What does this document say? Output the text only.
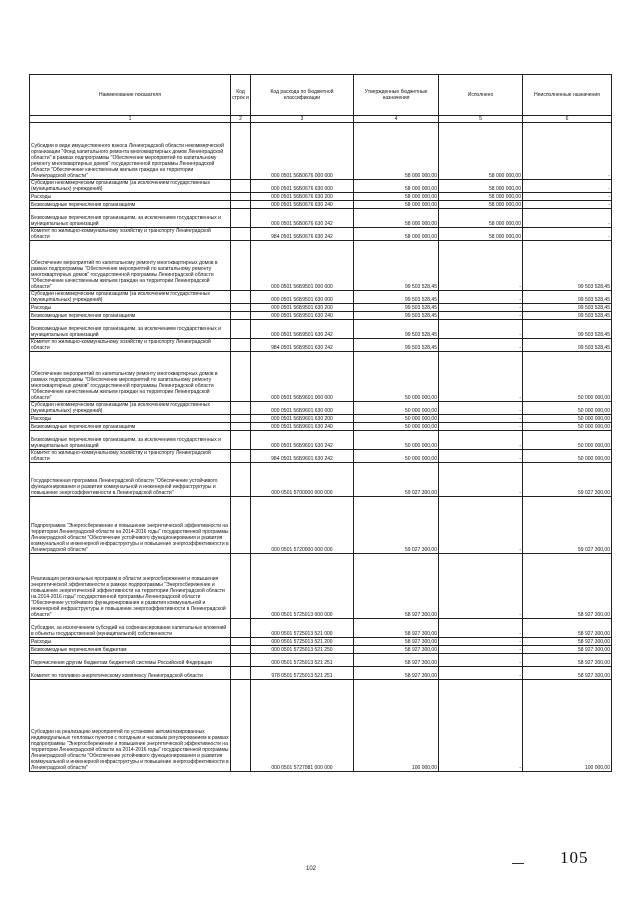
Наименование показателя	Код строк и	Код расхода по бюджетной классификации	Утвержденные бюджетные назначения	Исполнено	Неисполненные назначения
1	2	3	4	5	6
Субсидии в виде имущественного взноса Ленинградской области некоммерческой организации "Фонд капитального ремонта многоквартирных домов Ленинградской области" в рамках подпрограммы "Обеспечение мероприятий по капитальному ремонту многоквартирных домов" государственной программы Ленинградской области "Обеспечение качественным жильем граждан на территории Ленинградской области"		000 0501 56Б0676 000 000	58 000 000,00	58 000 000,00	-
Субсидии некоммерческим организациям (за исключением государственных (муниципальных) учреждений)		000 0501 56Б0676 630 000	58 000 000,00	58 000 000,00	-
Расходы		000 0501 56Б0676 630 200	58 000 000,00	58 000 000,00	-
Безвозмездные перечисления организациям		000 0501 56Б0676 630 240	58 000 000,00	58 000 000,00	-
Безвозмездные перечисления организациям, за исключением государственных и муниципальных организаций		000 0501 56Б0676 630 242	58 000 000,00	58 000 000,00	-
Комитет по жилищно-коммунальному хозяйству и транспорту Ленинградской области		984 0501 56Б0676 630 242	58 000 000,00	58 000 000,00	-
Обеспечение мероприятий по капитальному ремонту многоквартирных домов в рамках подпрограммы "Обеспечение мероприятий по капитальному ремонту многоквартирных домов" государственной программы Ленинградской области "Обеспечение качественным жильем граждан на территории Ленинградской области"		000 0501 56Б9501 000 000	99 503 528,45	-	99 503 528,45
Субсидии некоммерческим организациям (за исключением государственных (муниципальных) учреждений)		000 0501 56Б9501 630 000	99 503 528,45	-	99 503 528,45
Расходы		000 0501 56Б9501 630 200	99 503 528,45	-	99 503 528,45
Безвозмездные перечисления организациям		000 0501 56Б9501 630 240	99 503 528,45	-	99 503 528,45
Безвозмездные перечисления организациям, за исключением государственных и муниципальных организаций		000 0501 56Б9501 630 242	99 503 528,45	-	99 503 528,45
Комитет по жилищно-коммунальному хозяйству и транспорту Ленинградской области		984 0501 56Б9501 630 242	99 503 528,45	-	99 503 528,45
Обеспечение мероприятий по капитальному ремонту многоквартирных домов в рамках подпрограммы "Обеспечение мероприятий по капитальному ремонту многоквартирных домов" государственной программы Ленинградской области "Обеспечение качественным жильем граждан на территории Ленинградской области"		000 0501 56Б9601 000 000	50 000 000,00	-	50 000 000,00
Субсидии некоммерческим организациям (за исключением государственных (муниципальных) учреждений)		000 0501 56Б9601 630 000	50 000 000,00	-	50 000 000,00
Расходы		000 0501 56Б9601 630 200	50 000 000,00	-	50 000 000,00
Безвозмездные перечисления организациям		000 0501 56Б9601 630 240	50 000 000,00	-	50 000 000,00
Безвозмездные перечисления организациям, за исключением государственных и муниципальных организаций		000 0501 56Б9601 630 242	50 000 000,00	-	50 000 000,00
Комитет по жилищно-коммунальному хозяйству и транспорту Ленинградской области		984 0501 56Б9601 630 242	50 000 000,00	-	50 000 000,00
Государственная программа Ленинградской области "Обеспечение устойчивого функционирования и развития коммунальной и инженерной инфраструктуры и повышение энергоэффективности в Ленинградской области"		000 0501 5700000 000 000	59 027 300,00	-	59 027 300,00
Подпрограмма "Энергосбережение и повышение энергетической эффективности на территории Ленинградской области на 2014-2016 годы" государственной программы Ленинградской области "Обеспечение устойчивого функционирования и развития коммунальной и инженерной инфраструктуры и повышение энергоэффективности в Ленинградской области"		000 0501 5720000 000 000	59 027 300,00	-	59 027 300,00
Реализация региональных программ в области энергосбережения и повышения энергетической эффективности в рамках подпрограммы "Энергосбережение и повышение энергетической эффективности на территории Ленинградской области на 2014-2016 годы" государственной программы Ленинградской области "Обеспечение устойчивого функционирования и развития коммунальной и инженерной инфраструктуры и повышение энергоэффективности в Ленинградской области"		000 0501 5725013 000 000	58 927 300,00	-	58 927 300,00
Субсидии, за исключением субсидий на софинансирование капитальных вложений в объекты государственной (муниципальной) собственности		000 0501 5725013 521 000	58 927 300,00	-	58 927 300,00
Расходы		000 0501 5725013 521 200	58 927 300,00	-	58 927 300,00
Безвозмездные перечисления бюджетам		000 0501 5725013 521 250	58 927 300,00	-	58 927 300,00
Перечисления другим бюджетам бюджетной системы Российской Федерации		000 0501 5725013 521 251	58 927 300,00	-	58 927 300,00
Комитет по топливно-энергетическому комплексу Ленинградской области		978 0501 5725013 521 251	58 927 300,00	-	58 927 300,00
Субсидии на реализацию мероприятий по установке автоматизированных индивидуальных тепловых пунктов с погодным и часовым регулированием в рамках подпрограммы "Энергосбережение и повышение энергетической эффективности на территории Ленинградской области на 2014-2016 годы" государственной программы Ленинградской области "Обеспечение устойчивого функционирования и развития коммунальной и инженерной инфраструктуры и повышение энергоэффективности в Ленинградской области"		000 0501 5727081 000 000	100 000,00	-	100 000,00
102
105
